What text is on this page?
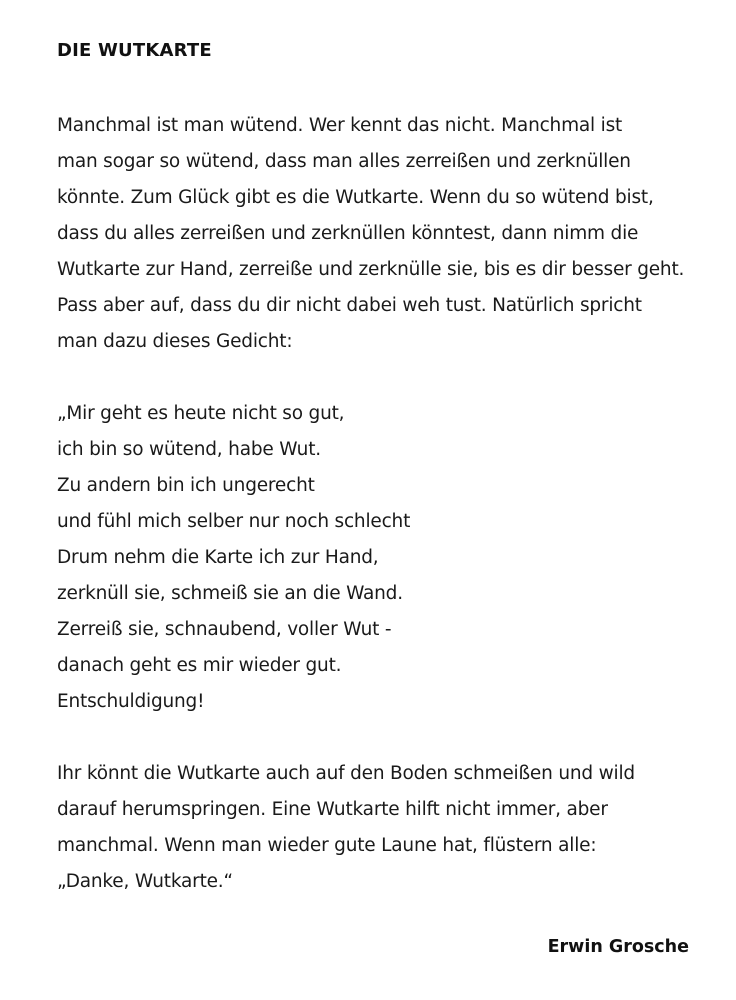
DIE WUTKARTE

Manchmal ist man wütend. Wer kennt das nicht. Manchmal ist
man sogar so wütend, dass man alles zerreißen und zerknüllen
könnte. Zum Glück gibt es die Wutkarte. Wenn du so wütend bist,
dass du alles zerreißen und zerknüllen könntest, dann nimm die
Wutkarte zur Hand, zerreiße und zerknülle sie, bis es dir besser geht.
Pass aber auf, dass du dir nicht dabei weh tust. Natürlich spricht
man dazu dieses Gedicht:

„Mir geht es heute nicht so gut,
ich bin so wütend, habe Wut.
Zu andern bin ich ungerecht
und fühl mich selber nur noch schlecht
Drum nehm die Karte ich zur Hand,
zerknüll sie, schmeiß sie an die Wand.
Zerreiß sie, schnaubend, voller Wut -
danach geht es mir wieder gut.
Entschuldigung!

Ihr könnt die Wutkarte auch auf den Boden schmeißen und wild
darauf herumspringen. Eine Wutkarte hilft nicht immer, aber
manchmal. Wenn man wieder gute Laune hat, flüstern alle:
„Danke, Wutkarte.“

Erwin Grosche
